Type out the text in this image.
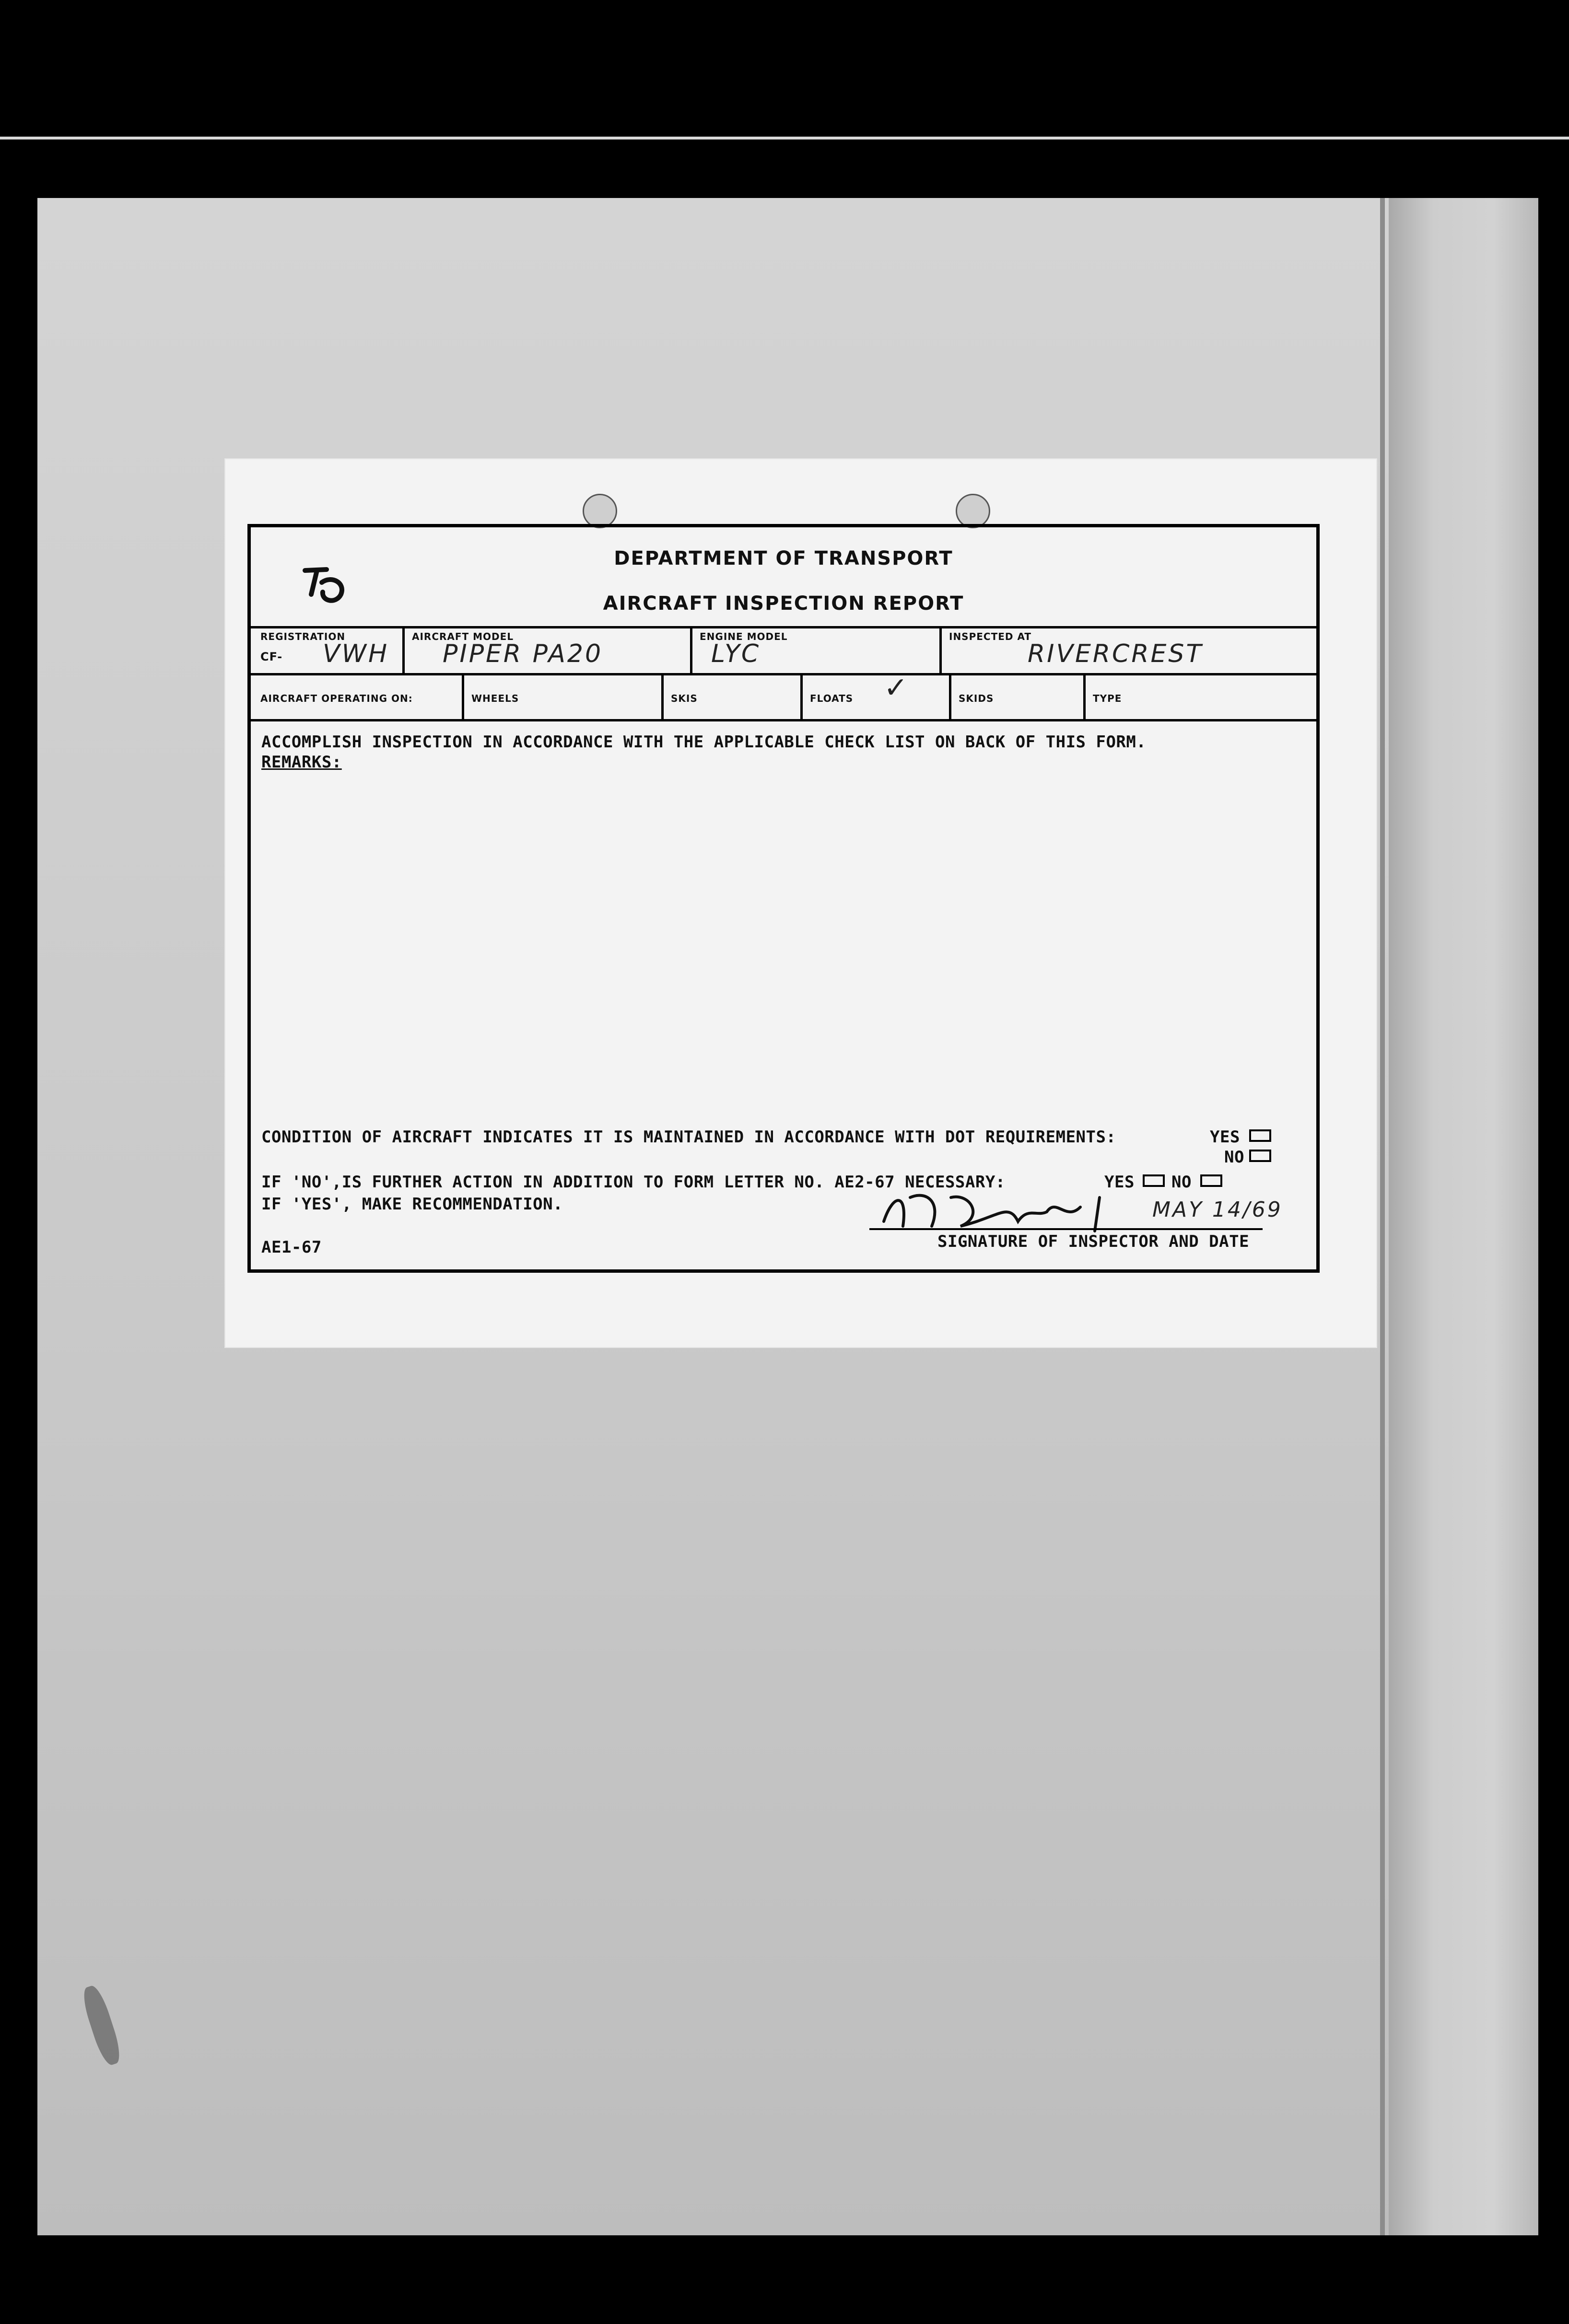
DEPARTMENT OF TRANSPORT
AIRCRAFT INSPECTION REPORT
REGISTRATION
CF- VWH
AIRCRAFT MODEL
PIPER PA20
ENGINE MODEL
LYC
INSPECTED AT
RIVERCREST
AIRCRAFT OPERATING ON:	WHEELS	SKIS	FLOATS ✓	SKIDS	TYPE
ACCOMPLISH INSPECTION IN ACCORDANCE WITH THE APPLICABLE CHECK LIST ON BACK OF THIS FORM.
REMARKS:
CONDITION OF AIRCRAFT INDICATES IT IS MAINTAINED IN ACCORDANCE WITH DOT REQUIREMENTS:	YES
NO
IF 'NO',IS FURTHER ACTION IN ADDITION TO FORM LETTER NO. AE2-67 NECESSARY:	YES NO
IF 'YES', MAKE RECOMMENDATION.	MAY 14/69
SIGNATURE OF INSPECTOR AND DATE
AE1-67
